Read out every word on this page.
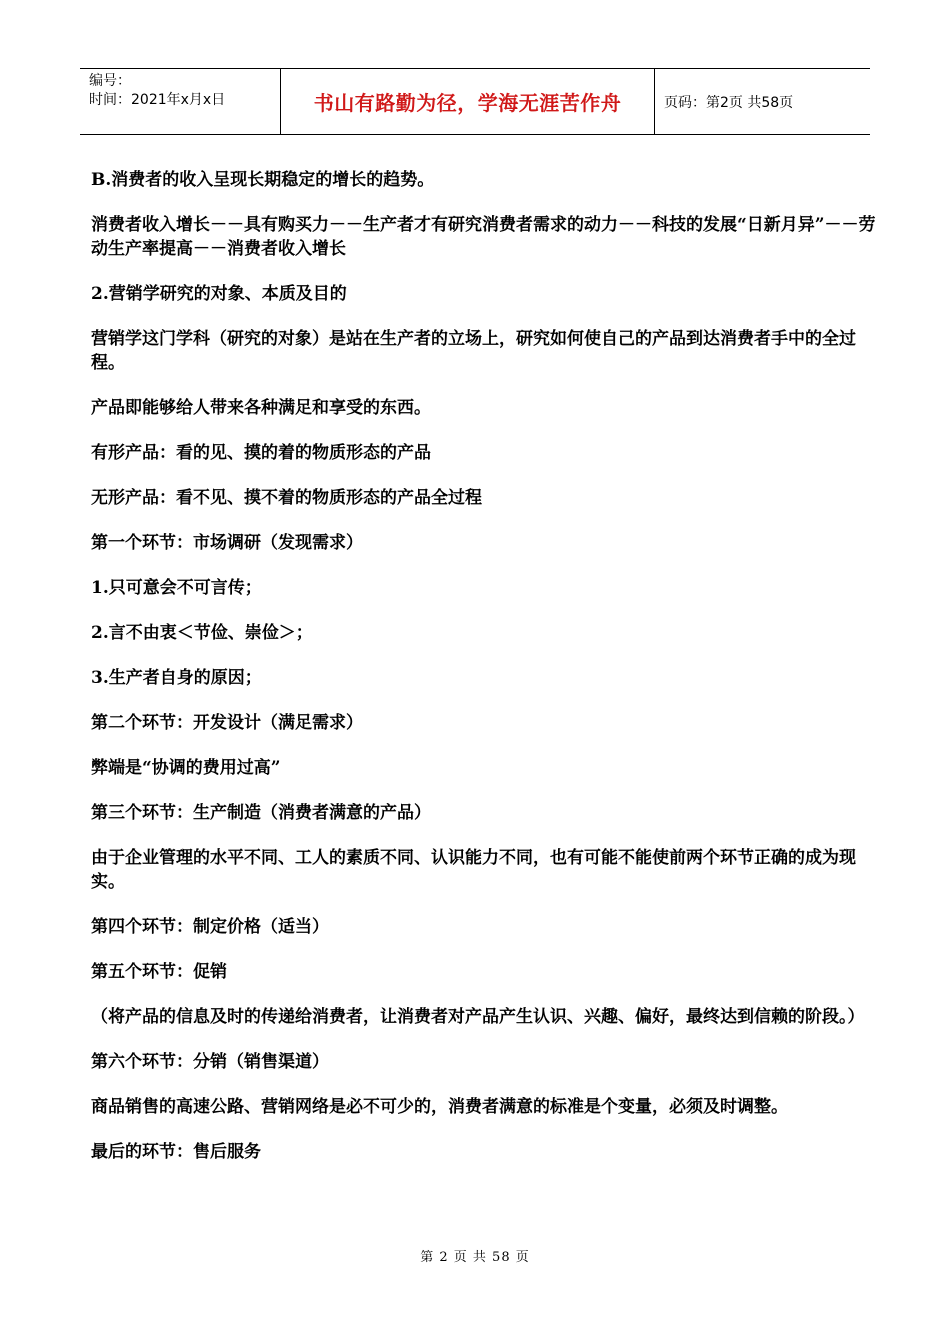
编号：
时间：2021年x月x日	书山有路勤为径，学海无涯苦作舟	页码：第2页 共58页

B.消费者的收入呈现长期稳定的增长的趋势。

消费者收入增长－－具有购买力－－生产者才有研究消费者需求的动力－－科技的发展“日新月异”－－劳动生产率提高－－消费者收入增长

2.营销学研究的对象、本质及目的

营销学这门学科（研究的对象）是站在生产者的立场上，研究如何使自己的产品到达消费者手中的全过程。

产品即能够给人带来各种满足和享受的东西。

有形产品：看的见、摸的着的物质形态的产品

无形产品：看不见、摸不着的物质形态的产品全过程

第一个环节：市场调研（发现需求）

1.只可意会不可言传；

2.言不由衷＜节俭、崇俭＞；

3.生产者自身的原因；

第二个环节：开发设计（满足需求）

弊端是“协调的费用过高”

第三个环节：生产制造（消费者满意的产品）

由于企业管理的水平不同、工人的素质不同、认识能力不同，也有可能不能使前两个环节正确的成为现实。

第四个环节：制定价格（适当）

第五个环节：促销

（将产品的信息及时的传递给消费者，让消费者对产品产生认识、兴趣、偏好，最终达到信赖的阶段。）

第六个环节：分销（销售渠道）

商品销售的高速公路、营销网络是必不可少的，消费者满意的标准是个变量，必须及时调整。

最后的环节：售后服务

第 2 页 共 58 页
